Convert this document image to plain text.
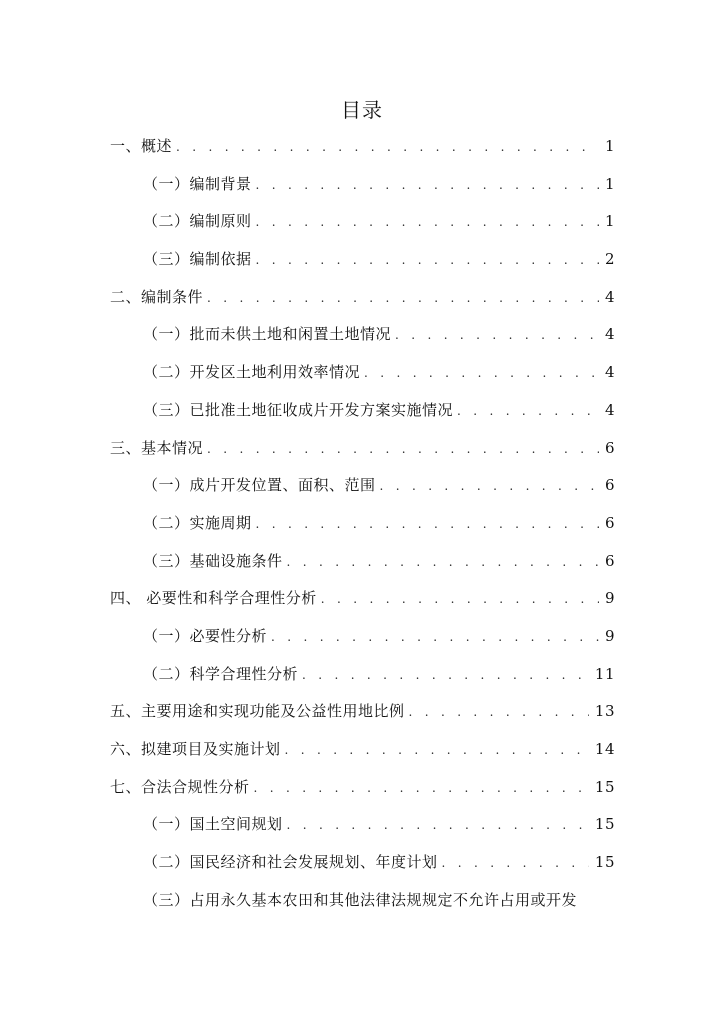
目录
一、概述 . . .	1
（一）编制背景 . . .	1
（二）编制原则 . . .	1
（三）编制依据 . . .	2
二、编制条件 . . .	4
（一）批而未供土地和闲置土地情况 . . .	4
（二）开发区土地利用效率情况 . . .	4
（三）已批准土地征收成片开发方案实施情况 . . .	4
三、基本情况 . . .	6
（一）成片开发位置、面积、范围 . . .	6
（二）实施周期 . . .	6
（三）基础设施条件 . . .	6
四、 必要性和科学合理性分析 . . .	9
（一）必要性分析 . . .	9
（二）科学合理性分析 . . .	11
五、主要用途和实现功能及公益性用地比例 . . .	13
六、拟建项目及实施计划 . . .	14
七、合法合规性分析 . . .	15
（一）国土空间规划 . . .	15
（二）国民经济和社会发展规划、年度计划 . . .	15
（三）占用永久基本农田和其他法律法规规定不允许占用或开发
